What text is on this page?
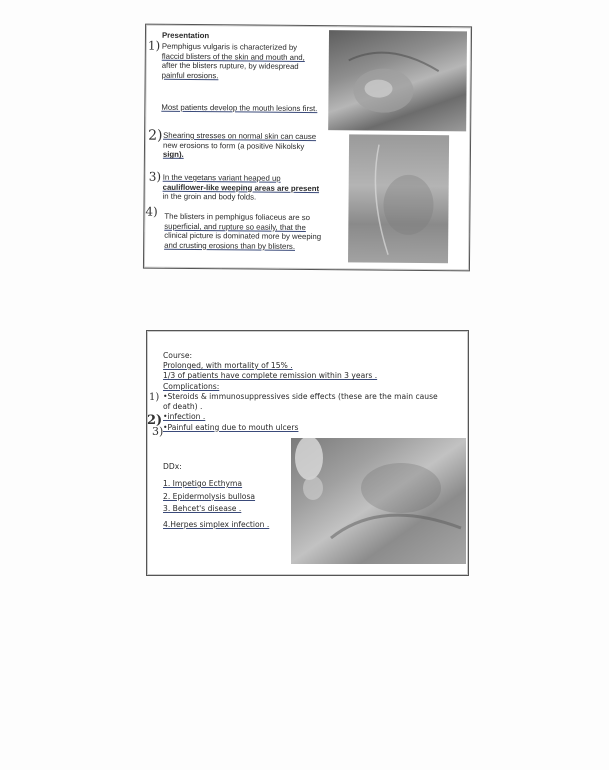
Presentation
1) Pemphigus vulgaris is characterized by
flaccid blisters of the skin and mouth and,
after the blisters rupture, by widespread
painful erosions.
Most patients develop the mouth lesions first.
2) Shearing stresses on normal skin can cause
new erosions to form (a positive Nikolsky
sign).
3) In the vegetans variant heaped up
cauliflower-like weeping areas are present
in the groin and body folds.
4) The blisters in pemphigus foliaceus are so
superficial, and rupture so easily, that the
clinical picture is dominated more by weeping
and crusting erosions than by blisters.
Course:
Prolonged, with mortality of 15% .
1/3 of patients have complete remission within 3 years .
Complications:
•Steroids & immunosuppressives side effects (these are the main cause
of death) .
•infection .
•Painful eating due to mouth ulcers
1)
2)
3)
DDx:
1. Impetigo Ecthyma
2. Epidermolysis bullosa
3. Behcet's disease .
4.Herpes simplex infection .
